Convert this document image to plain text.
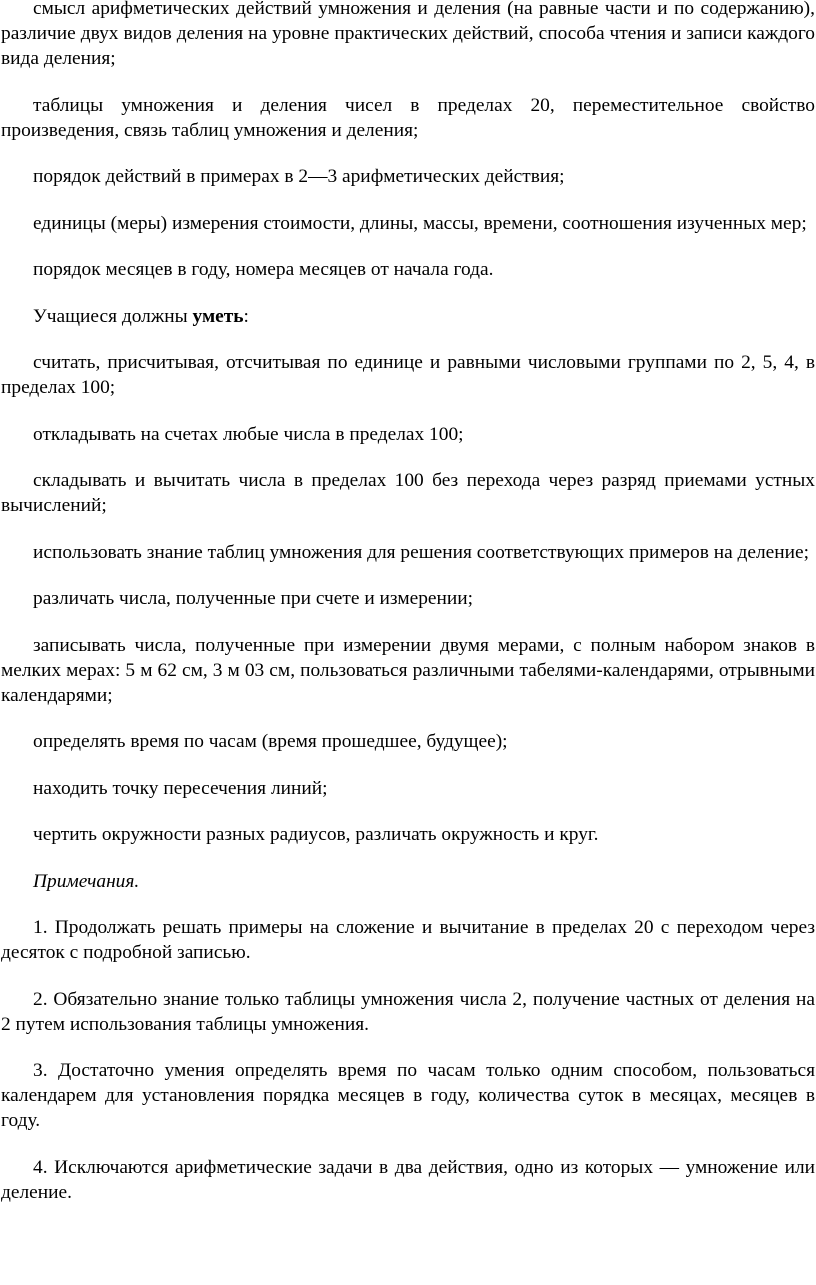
смысл арифметических действий умножения и деления (на равные части и по содержанию), различие двух видов деления на уровне практических действий, способа чтения и записи каждого вида деления;

таблицы умножения и деления чисел в пределах 20, переместительное свойство произведения, связь таблиц умножения и деления;

порядок действий в примерах в 2—3 арифметических действия;

единицы (меры) измерения стоимости, длины, массы, времени, соотношения изученных мер;

порядок месяцев в году, номера месяцев от начала года.

Учащиеся должны уметь:

считать, присчитывая, отсчитывая по единице и равными числовыми группами по 2, 5, 4, в пределах 100;

откладывать на счетах любые числа в пределах 100;

складывать и вычитать числа в пределах 100 без перехода через разряд приемами устных вычислений;

использовать знание таблиц умножения для решения соответствующих примеров на деление;

различать числа, полученные при счете и измерении;

записывать числа, полученные при измерении двумя мерами, с полным набором знаков в мелких мерах: 5 м 62 см, 3 м 03 см, пользоваться различными табелями-календарями, отрывными календарями;

определять время по часам (время прошедшее, будущее);

находить точку пересечения линий;

чертить окружности разных радиусов, различать окружность и круг.

Примечания.

1. Продолжать решать примеры на сложение и вычитание в пределах 20 с переходом через десяток с подробной записью.

2. Обязательно знание только таблицы умножения числа 2, получение частных от деления на 2 путем использования таблицы умножения.

3. Достаточно умения определять время по часам только одним способом, пользоваться календарем для установления порядка месяцев в году, количества суток в месяцах, месяцев в году.

4. Исключаются арифметические задачи в два действия, одно из которых — умножение или деление.
